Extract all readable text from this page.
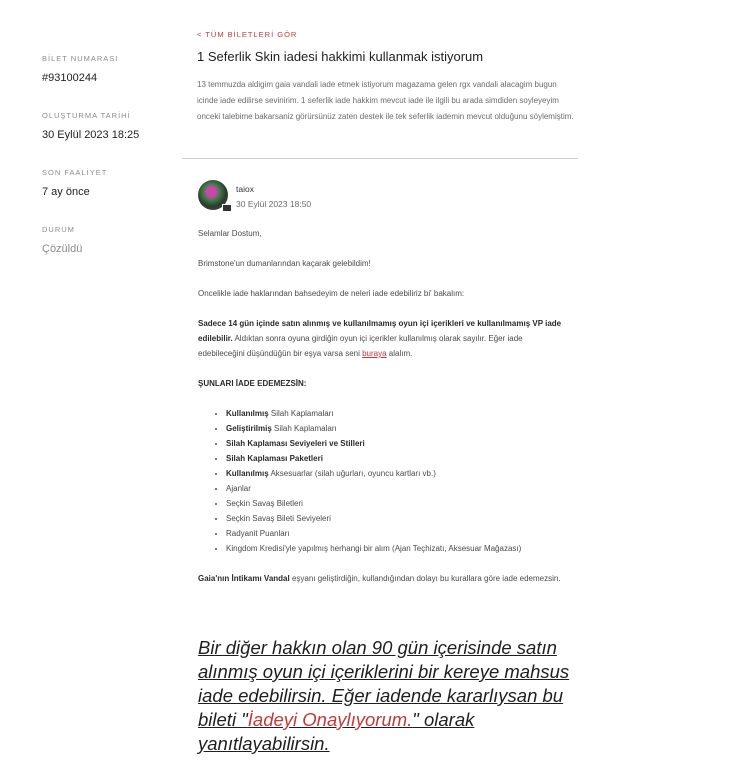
BİLET NUMARASI
#93100244
OLUŞTURMA TARİHİ
30 Eylül 2023 18:25
SON FAALİYET
7 ay önce
DURUM
Çözüldü
< TÜM BİLETLERİ GÖR
1 Seferlik Skin iadesi hakkimi kullanmak istiyorum

13 temmuzda aldigim gaia vandali iade etmek istiyorum magazama gelen rgx vandali alacagim bugun icinde iade edilirse sevinirim. 1 seferlik iade hakkim mevcut iade ile ilgili bu arada simdiden soyleyeyim onceki talebime bakarsaniz görürsünüz zaten destek ile tek seferlik iademin mevcut olduğunu söylemiştim.

taiox
30 Eylül 2023 18:50

Selamlar Dostum,

Brimstone'un dumanlarından kaçarak gelebildim!

Oncelikle iade haklarından bahsedeyim de neleri iade edebiliriz bi' bakalım:

Sadece 14 gün içinde satın alınmış ve kullanılmamış oyun içi içerikleri ve kullanılmamış VP iade edilebilir. Aldıktan sonra oyuna girdiğin oyun içi içerikler kullanılmış olarak sayılır. Eğer iade edebileceğini düşündüğün bir eşya varsa seni buraya alalım.

ŞUNLARI İADE EDEMEZSİN:

• Kullanılmış Silah Kaplamaları
• Geliştirilmiş Silah Kaplamaları
• Silah Kaplaması Seviyeleri ve Stilleri
• Silah Kaplaması Paketleri
• Kullanılmış Aksesuarlar (silah uğurları, oyuncu kartları vb.)
• Ajanlar
• Seçkin Savaş Biletleri
• Seçkin Savaş Bileti Seviyeleri
• Radyanit Puanları
• Kingdom Kredisi'yle yapılmış herhangi bir alım (Ajan Teçhizatı, Aksesuar Mağazası)

Gaia'nın İntikamı Vandal eşyanı geliştirdiğin, kullandığından dolayı bu kurallara göre iade edemezsin.

Bir diğer hakkın olan 90 gün içerisinde satın alınmış oyun içi içeriklerini bir kereye mahsus iade edebilirsin. Eğer iadende kararlıysan bu bileti "İadeyi Onaylıyorum." olarak yanıtlayabilirsin.
